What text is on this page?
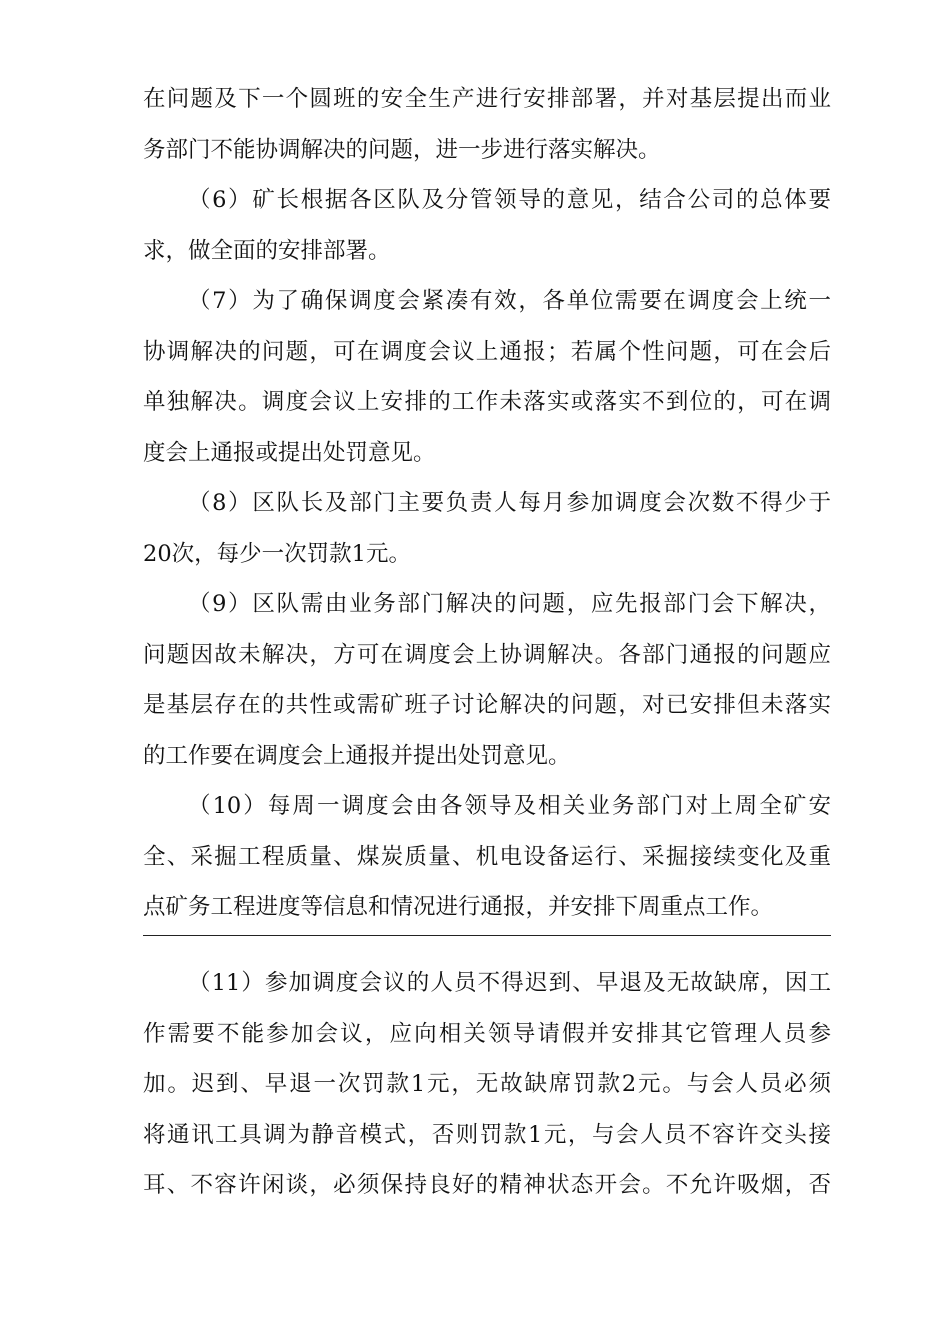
在问题及下一个圆班的安全生产进行安排部署，并对基层提出而业
务部门不能协调解决的问题，进一步进行落实解决。
（6）矿长根据各区队及分管领导的意见，结合公司的总体要
求，做全面的安排部署。
（7）为了确保调度会紧凑有效，各单位需要在调度会上统一
协调解决的问题，可在调度会议上通报；若属个性问题，可在会后
单独解决。调度会议上安排的工作未落实或落实不到位的，可在调
度会上通报或提出处罚意见。
（8）区队长及部门主要负责人每月参加调度会次数不得少于
20次，每少一次罚款1元。
（9）区队需由业务部门解决的问题，应先报部门会下解决，
问题因故未解决，方可在调度会上协调解决。各部门通报的问题应
是基层存在的共性或需矿班子讨论解决的问题，对已安排但未落实
的工作要在调度会上通报并提出处罚意见。
（10）每周一调度会由各领导及相关业务部门对上周全矿安
全、采掘工程质量、煤炭质量、机电设备运行、采掘接续变化及重
点矿务工程进度等信息和情况进行通报，并安排下周重点工作。
（11）参加调度会议的人员不得迟到、早退及无故缺席，因工
作需要不能参加会议，应向相关领导请假并安排其它管理人员参
加。迟到、早退一次罚款1元，无故缺席罚款2元。与会人员必须
将通讯工具调为静音模式，否则罚款1元，与会人员不容许交头接
耳、不容许闲谈，必须保持良好的精神状态开会。不允许吸烟，否
